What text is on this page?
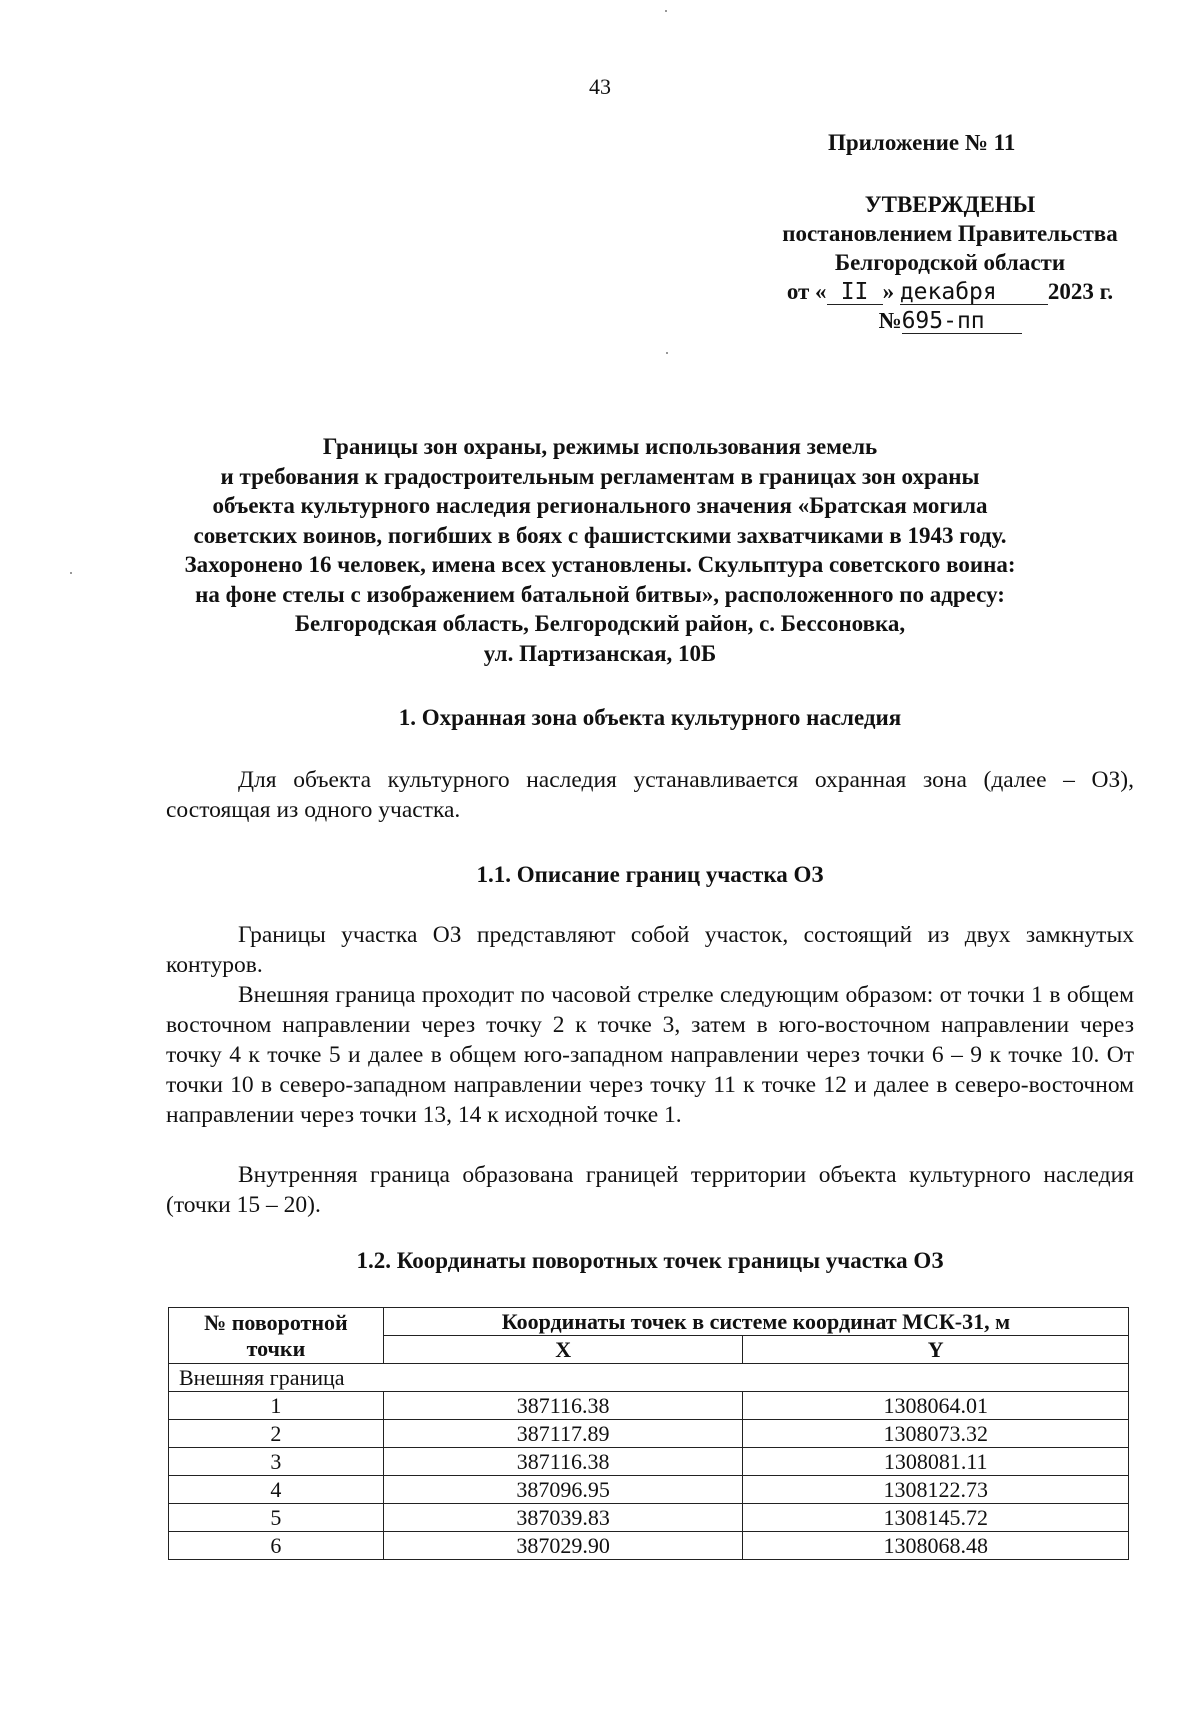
43
Приложение № 11
УТВЕРЖДЕНЫ
постановлением Правительства
Белгородской области
от « II » декабря 2023 г.
№695-пп
Границы зон охраны, режимы использования земель
и требования к градостроительным регламентам в границах зон охраны
объекта культурного наследия регионального значения «Братская могила
советских воинов, погибших в боях с фашистскими захватчиками в 1943 году.
Захоронено 16 человек, имена всех установлены. Скульптура советского воина:
на фоне стелы с изображением батальной битвы», расположенного по адресу:
Белгородская область, Белгородский район, с. Бессоновка,
ул. Партизанская, 10Б
1. Охранная зона объекта культурного наследия
Для объекта культурного наследия устанавливается охранная зона (далее – ОЗ), состоящая из одного участка.
1.1. Описание границ участка ОЗ
Границы участка ОЗ представляют собой участок, состоящий из двух замкнутых контуров.
Внешняя граница проходит по часовой стрелке следующим образом: от точки 1 в общем восточном направлении через точку 2 к точке 3, затем в юго-восточном направлении через точку 4 к точке 5 и далее в общем юго-западном направлении через точки 6 – 9 к точке 10. От точки 10 в северо-западном направлении через точку 11 к точке 12 и далее в северо-восточном направлении через точки 13, 14 к исходной точке 1.
Внутренняя граница образована границей территории объекта культурного наследия (точки 15 – 20).
1.2. Координаты поворотных точек границы участка ОЗ
№ поворотной точки	Координаты точек в системе координат МСК-31, м	
	X	Y
Внешняя граница		
1	387116.38	1308064.01
2	387117.89	1308073.32
3	387116.38	1308081.11
4	387096.95	1308122.73
5	387039.83	1308145.72
6	387029.90	1308068.48
